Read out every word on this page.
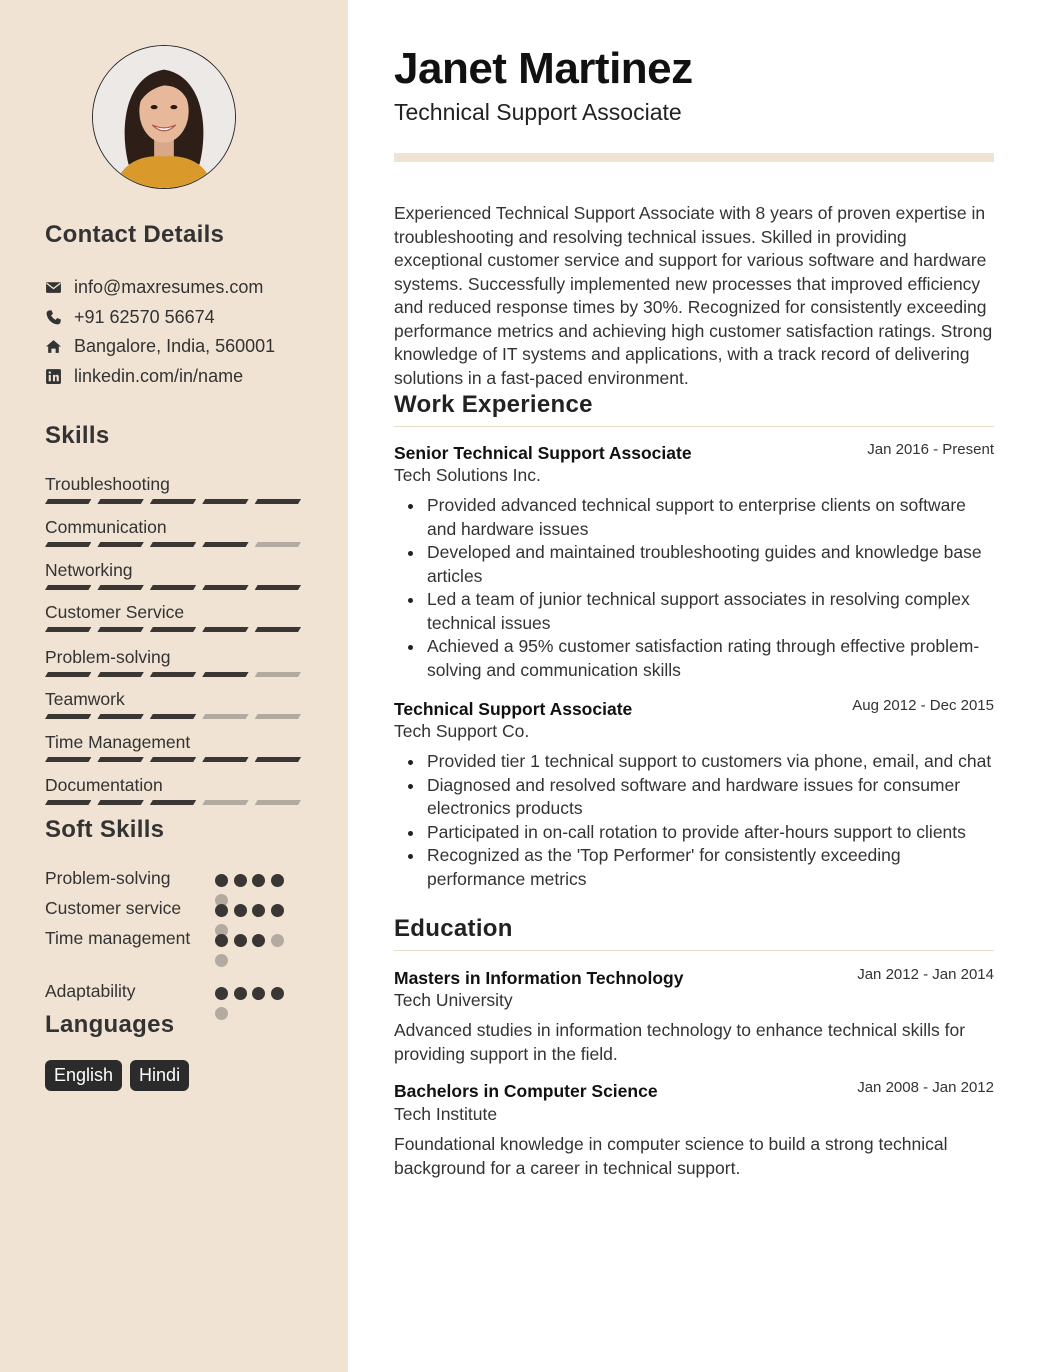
Contact Details
info@maxresumes.com
+91 62570 56674
Bangalore, India, 560001
linkedin.com/in/name
Skills
Troubleshooting
Communication
Networking
Customer Service
Problem-solving
Teamwork
Time Management
Documentation
Soft Skills
Problem-solving
Customer service
Time management
Adaptability
Languages
English	Hindi
Janet Martinez
Technical Support Associate
Experienced Technical Support Associate with 8 years of proven expertise in troubleshooting and resolving technical issues. Skilled in providing exceptional customer service and support for various software and hardware systems. Successfully implemented new processes that improved efficiency and reduced response times by 30%. Recognized for consistently exceeding performance metrics and achieving high customer satisfaction ratings. Strong knowledge of IT systems and applications, with a track record of delivering solutions in a fast-paced environment.
Work Experience
Senior Technical Support Associate	Jan 2016 - Present
Tech Solutions Inc.
Provided advanced technical support to enterprise clients on software and hardware issues
Developed and maintained troubleshooting guides and knowledge base articles
Led a team of junior technical support associates in resolving complex technical issues
Achieved a 95% customer satisfaction rating through effective problem-solving and communication skills
Technical Support Associate	Aug 2012 - Dec 2015
Tech Support Co.
Provided tier 1 technical support to customers via phone, email, and chat
Diagnosed and resolved software and hardware issues for consumer electronics products
Participated in on-call rotation to provide after-hours support to clients
Recognized as the 'Top Performer' for consistently exceeding performance metrics
Education
Masters in Information Technology	Jan 2012 - Jan 2014
Tech University
Advanced studies in information technology to enhance technical skills for providing support in the field.
Bachelors in Computer Science	Jan 2008 - Jan 2012
Tech Institute
Foundational knowledge in computer science to build a strong technical background for a career in technical support.
